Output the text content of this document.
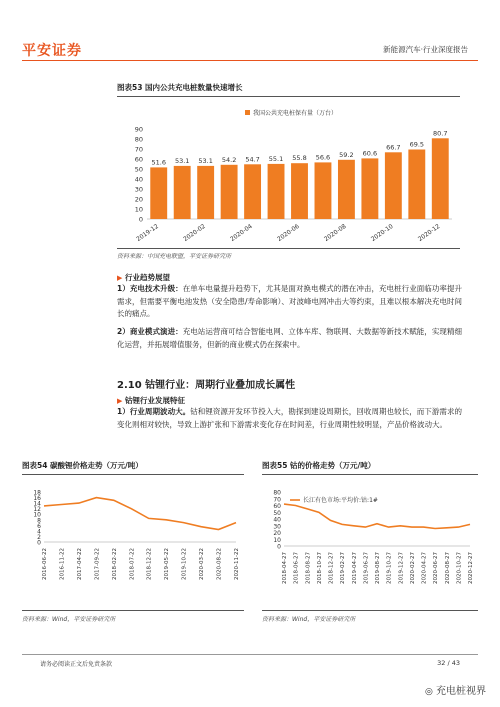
平安证券	新能源汽车·行业深度报告
图表53 国内公共充电桩数量快速增长
0
10
20
30
40
50
60
70
80
90
我国公共充电桩保有量（万台）
51.6 53.1 53.1 54.2 54.7 55.1 55.8 56.6 59.2 60.6
66.7 69.5
80.7
2019-12	2020-02	2020-04	2020-06	2020-08	2020-10	2020-12
资料来源：中国充电联盟，平安证券研究所
▶ 行业趋势展望
1）充电技术升级：在单车电量提升趋势下，尤其是面对换电模式的潜在冲击，充电桩行业面临功率提升需求，但需要平衡电池发热（安全隐患/寿命影响）、对波峰电网冲击大等约束，且难以根本解决充电时间长的痛点。
2）商业模式演进：充电站运营商可结合智能电网、立体车库、物联网、大数据等新技术赋能，实现精细化运营，并拓展增值服务，但新的商业模式仍在探索中。
2.10 钴锂行业：周期行业叠加成长属性
▶ 钴锂行业发展特征
1）行业周期波动大。钴和锂资源开发环节投入大，勘探到建设周期长，回收周期也较长，而下游需求的变化则相对较快，导致上游扩张和下游需求变化存在时间差，行业周期性较明显，产品价格波动大。
图表54 碳酸锂价格走势（万元/吨）
0
2
4
6
8
10
12
14
16
18
2016-06-22 2016-11-22 2017-04-22 2017-09-22 2018-02-22 2018-07-22 2018-12-22 2019-05-22 2019-10-22 2020-03-22 2020-08-22 2020-11-22
图表55 钴的价格走势（万元/吨）
0
10
20
30
40
50
60
70
80
2018-04-27 2018-06-27 2018-08-27 2018-10-27 2018-12-27 2019-02-27 2019-04-27 2019-06-27 2019-08-27 2019-10-27 2019-12-27 2020-02-27 2020-04-27 2020-06-27 2020-08-27 2020-10-27 2020-12-27
长江有色市场:平均价:钴:1#
资料来源：Wind，平安证券研究所	资料来源：Wind，平安证券研究所
请务必阅读正文后免责条款	32 / 43
◎ 充电桩视界
